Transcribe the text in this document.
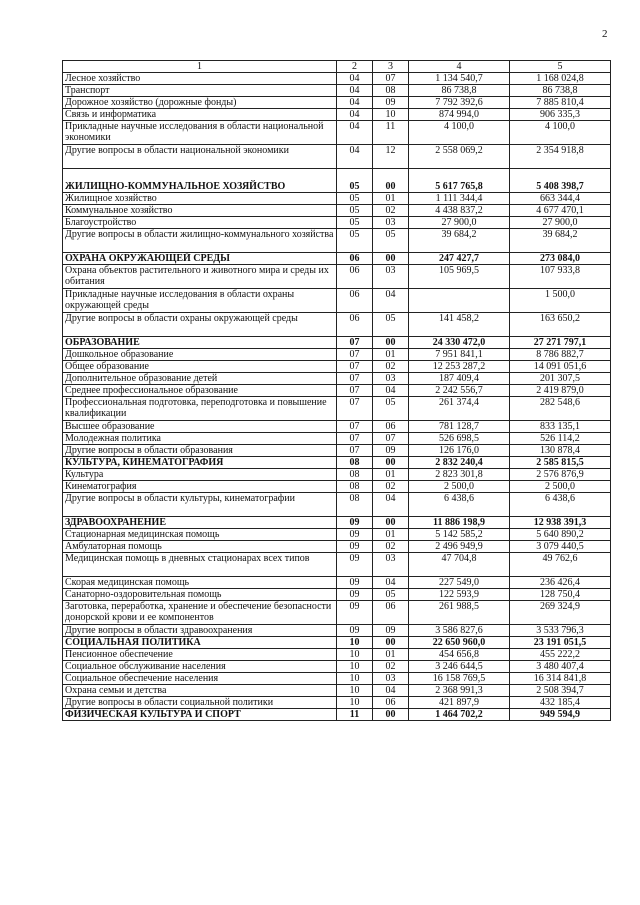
2
1	2	3	4	5
Лесное хозяйство	04	07	1 134 540,7	1 168 024,8
Транспорт	04	08	86 738,8	86 738,8
Дорожное хозяйство (дорожные фонды)	04	09	7 792 392,6	7 885 810,4
Связь и информатика	04	10	874 994,0	906 335,3
Прикладные научные исследования в области национальной экономики	04	11	4 100,0	4 100,0
Другие вопросы в области национальной экономики	04	12	2 558 069,2	2 354 918,8
ЖИЛИЩНО-КОММУНАЛЬНОЕ ХОЗЯЙСТВО	05	00	5 617 765,8	5 408 398,7
Жилищное хозяйство	05	01	1 111 344,4	663 344,4
Коммунальное хозяйство	05	02	4 438 837,2	4 677 470,1
Благоустройство	05	03	27 900,0	27 900,0
Другие вопросы в области жилищно-коммунального хозяйства	05	05	39 684,2	39 684,2
ОХРАНА ОКРУЖАЮЩЕЙ СРЕДЫ	06	00	247 427,7	273 084,0
Охрана объектов растительного и животного мира и среды их обитания	06	03	105 969,5	107 933,8
Прикладные научные исследования в области охраны окружающей среды	06	04		1 500,0
Другие вопросы в области охраны окружающей среды	06	05	141 458,2	163 650,2
ОБРАЗОВАНИЕ	07	00	24 330 472,0	27 271 797,1
Дошкольное образование	07	01	7 951 841,1	8 786 882,7
Общее образование	07	02	12 253 287,2	14 091 051,6
Дополнительное образование детей	07	03	187 409,4	201 307,5
Среднее профессиональное образование	07	04	2 242 556,7	2 419 879,0
Профессиональная подготовка, переподготовка и повышение квалификации	07	05	261 374,4	282 548,6
Высшее образование	07	06	781 128,7	833 135,1
Молодежная политика	07	07	526 698,5	526 114,2
Другие вопросы в области образования	07	09	126 176,0	130 878,4
КУЛЬТУРА, КИНЕМАТОГРАФИЯ	08	00	2 832 240,4	2 585 815,5
Культура	08	01	2 823 301,8	2 576 876,9
Кинематография	08	02	2 500,0	2 500,0
Другие вопросы в области культуры, кинематографии	08	04	6 438,6	6 438,6
ЗДРАВООХРАНЕНИЕ	09	00	11 886 198,9	12 938 391,3
Стационарная медицинская помощь	09	01	5 142 585,2	5 640 890,2
Амбулаторная помощь	09	02	2 496 949,9	3 079 440,5
Медицинская помощь в дневных стационарах всех типов	09	03	47 704,8	49 762,6
Скорая медицинская помощь	09	04	227 549,0	236 426,4
Санаторно-оздоровительная помощь	09	05	122 593,9	128 750,4
Заготовка, переработка, хранение и обеспечение безопасности донорской крови и ее компонентов	09	06	261 988,5	269 324,9
Другие вопросы в области здравоохранения	09	09	3 586 827,6	3 533 796,3
СОЦИАЛЬНАЯ ПОЛИТИКА	10	00	22 650 960,0	23 191 051,5
Пенсионное обеспечение	10	01	454 656,8	455 222,2
Социальное обслуживание населения	10	02	3 246 644,5	3 480 407,4
Социальное обеспечение населения	10	03	16 158 769,5	16 314 841,8
Охрана семьи и детства	10	04	2 368 991,3	2 508 394,7
Другие вопросы в области социальной политики	10	06	421 897,9	432 185,4
ФИЗИЧЕСКАЯ КУЛЬТУРА И СПОРТ	11	00	1 464 702,2	949 594,9
